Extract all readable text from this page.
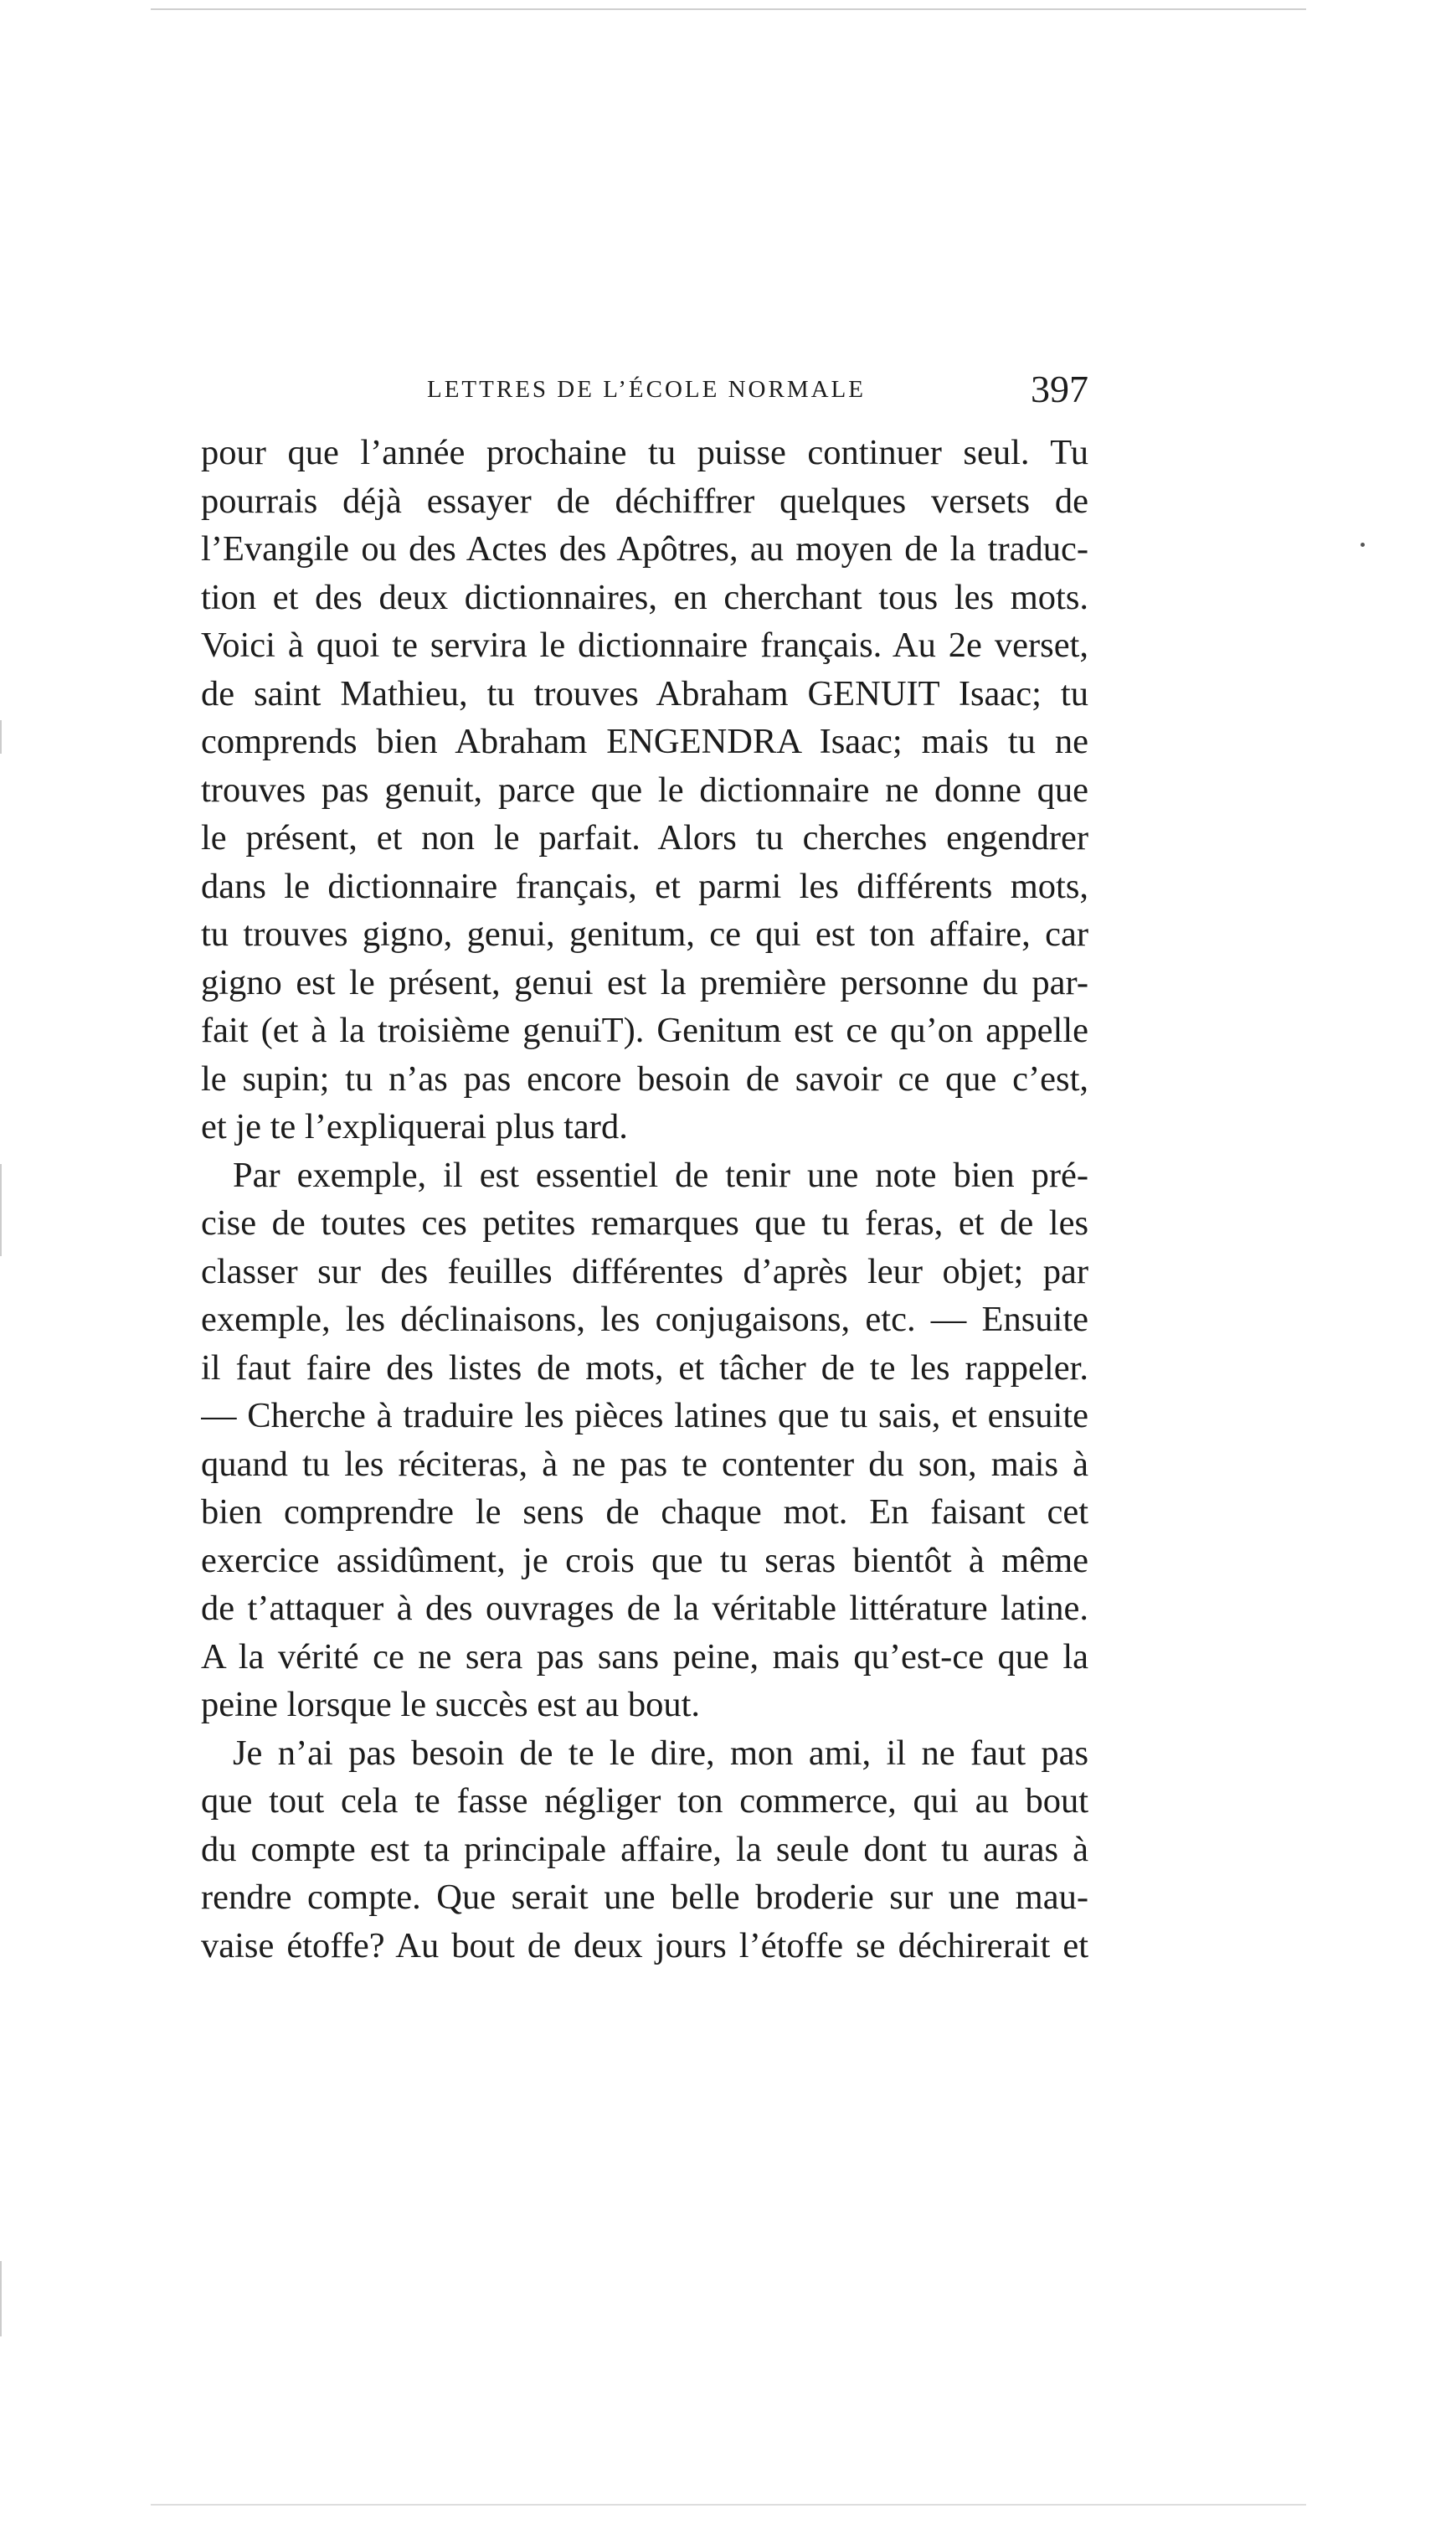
LETTRES DE L’ÉCOLE NORMALE	397
pour que l’année prochaine tu puisse continuer seul. Tu
pourrais déjà essayer de déchiffrer quelques versets de
l’Evangile ou des Actes des Apôtres, au moyen de la traduc-
tion et des deux dictionnaires, en cherchant tous les mots.
Voici à quoi te servira le dictionnaire français. Au 2e verset,
de saint Mathieu, tu trouves Abraham GENUIT Isaac; tu
comprends bien Abraham ENGENDRA Isaac; mais tu ne
trouves pas genuit, parce que le dictionnaire ne donne que
le présent, et non le parfait. Alors tu cherches engendrer
dans le dictionnaire français, et parmi les différents mots,
tu trouves gigno, genui, genitum, ce qui est ton affaire, car
gigno est le présent, genui est la première personne du par-
fait (et à la troisième genuiT). Genitum est ce qu’on appelle
le supin; tu n’as pas encore besoin de savoir ce que c’est,
et je te l’expliquerai plus tard.
Par exemple, il est essentiel de tenir une note bien pré-
cise de toutes ces petites remarques que tu feras, et de les
classer sur des feuilles différentes d’après leur objet; par
exemple, les déclinaisons, les conjugaisons, etc. — Ensuite
il faut faire des listes de mots, et tâcher de te les rappeler.
— Cherche à traduire les pièces latines que tu sais, et ensuite
quand tu les réciteras, à ne pas te contenter du son, mais à
bien comprendre le sens de chaque mot. En faisant cet
exercice assidûment, je crois que tu seras bientôt à même
de t’attaquer à des ouvrages de la véritable littérature latine.
A la vérité ce ne sera pas sans peine, mais qu’est-ce que la
peine lorsque le succès est au bout.
Je n’ai pas besoin de te le dire, mon ami, il ne faut pas
que tout cela te fasse négliger ton commerce, qui au bout
du compte est ta principale affaire, la seule dont tu auras à
rendre compte. Que serait une belle broderie sur une mau-
vaise étoffe? Au bout de deux jours l’étoffe se déchirerait et
